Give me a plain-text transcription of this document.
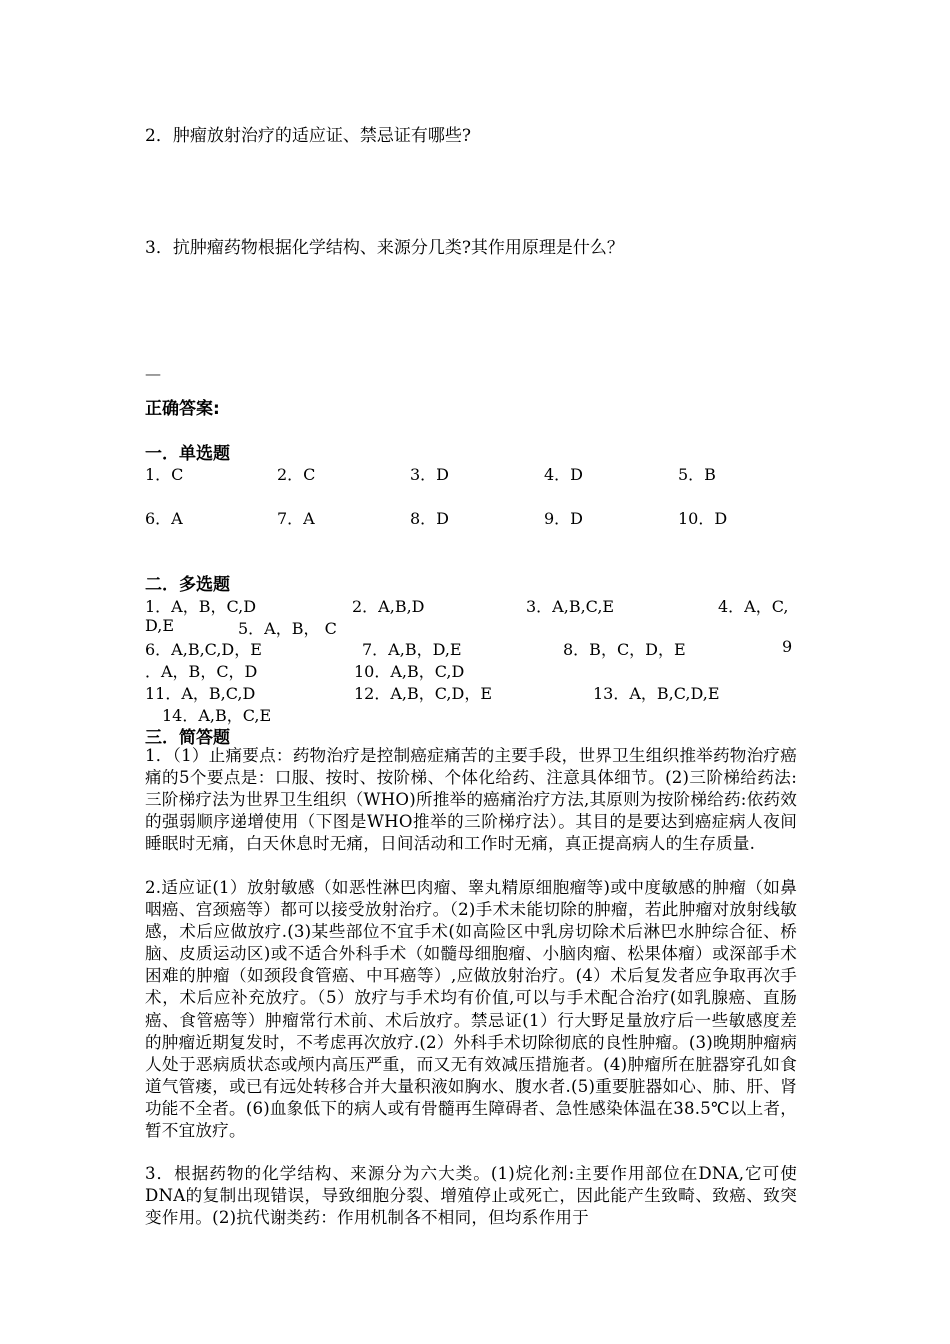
2．肿瘤放射治疗的适应证、禁忌证有哪些?
3．抗肿瘤药物根据化学结构、来源分几类?其作用原理是什么？
—
正确答案:
一．单选题
1．C	2．C	3．D	4．D	5．B
6．A	7．A	8．D	9．D	10．D
二．多选题
1．A，B，C,D	2．A,B,D	3．A,B,C,E	4．A，C,
D,E	5．A，B， C
6．A,B,C,D，E	7．A,B，D,E	8．B，C，D，E	9
．A，B，C，D	10．A,B，C,D
11．A，B,C,D	12．A,B，C,D，E	13．A，B,C,D,E
14．A,B，C,E
三．简答题
1．（1）止痛要点：药物治疗是控制癌症痛苦的主要手段，世界卫生组织推举药物治疗癌痛的5个要点是：口服、按时、按阶梯、个体化给药、注意具体细节。(2)三阶梯给药法:三阶梯疗法为世界卫生组织（WHO)所推举的癌痛治疗方法,其原则为按阶梯给药:依药效的强弱顺序递增使用（下图是WHO推举的三阶梯疗法）。其目的是要达到癌症病人夜间睡眠时无痛，白天休息时无痛，日间活动和工作时无痛，真正提高病人的生存质量.
2.适应证(1）放射敏感（如恶性淋巴肉瘤、睾丸精原细胞瘤等)或中度敏感的肿瘤（如鼻咽癌、宫颈癌等）都可以接受放射治疗。（2)手术未能切除的肿瘤，若此肿瘤对放射线敏感，术后应做放疗.(3)某些部位不宜手术(如高险区中乳房切除术后淋巴水肿综合征、桥脑、皮质运动区)或不适合外科手术（如髓母细胞瘤、小脑肉瘤、松果体瘤）或深部手术困难的肿瘤（如颈段食管癌、中耳癌等）,应做放射治疗。(4）术后复发者应争取再次手术，术后应补充放疗。（5）放疗与手术均有价值,可以与手术配合治疗(如乳腺癌、直肠癌、食管癌等）肿瘤常行术前、术后放疗。禁忌证(1）行大野足量放疗后一些敏感度差的肿瘤近期复发时，不考虑再次放疗.(2）外科手术切除彻底的良性肿瘤。(3)晚期肿瘤病人处于恶病质状态或颅内高压严重，而又无有效减压措施者。(4)肿瘤所在脏器穿孔如食道气管瘘，或已有远处转移合并大量积液如胸水、腹水者.(5)重要脏器如心、肺、肝、肾功能不全者。(6)血象低下的病人或有骨髓再生障碍者、急性感染体温在38.5℃以上者，暂不宜放疗。
3．根据药物的化学结构、来源分为六大类。(1)烷化剂:主要作用部位在DNA,它可使DNA的复制出现错误，导致细胞分裂、增殖停止或死亡，因此能产生致畸、致癌、致突变作用。(2)抗代谢类药：作用机制各不相同，但均系作用于
